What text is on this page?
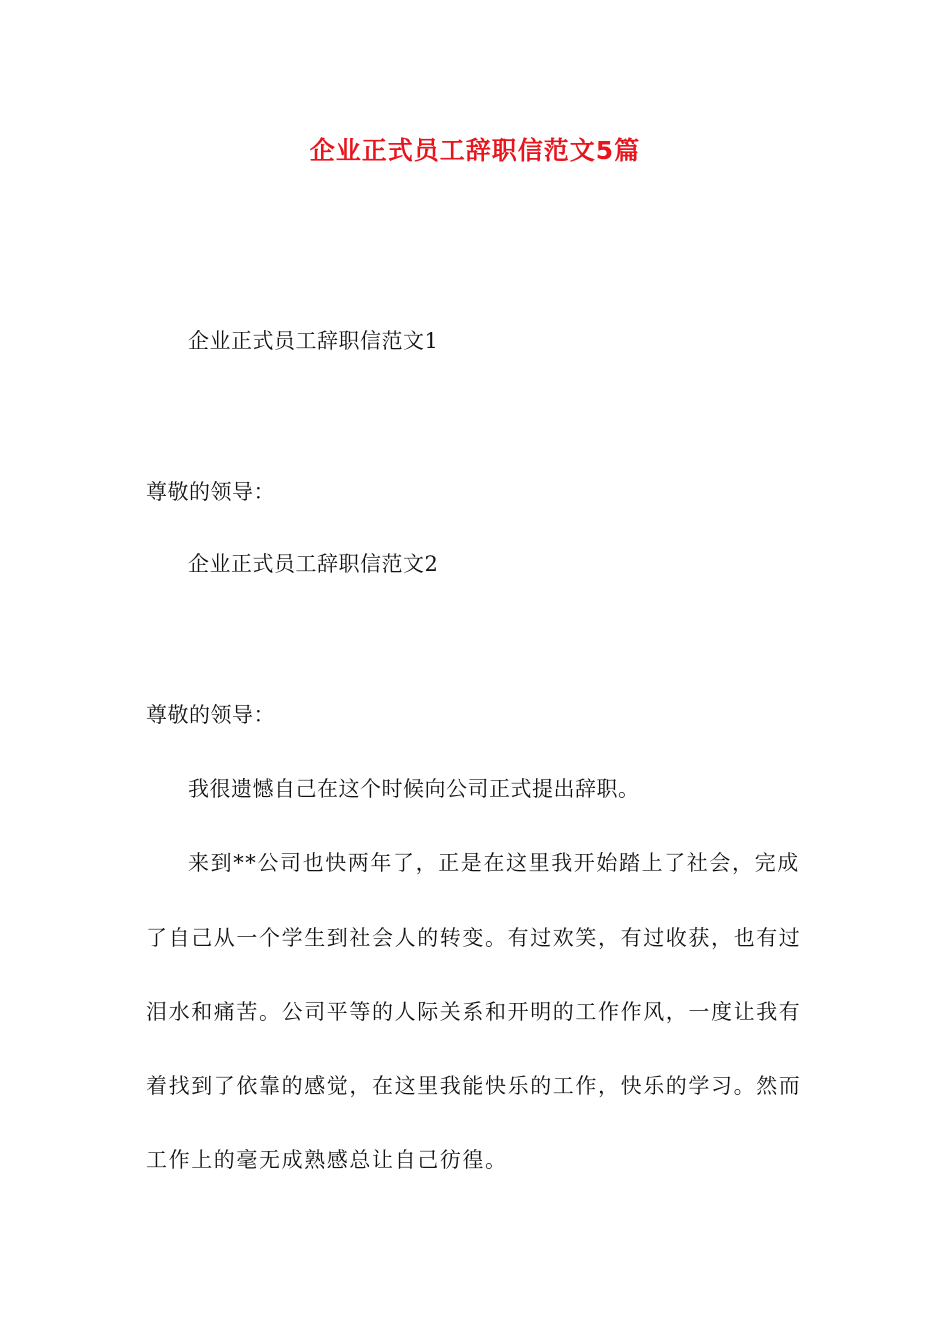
企业正式员工辞职信范文5篇
企业正式员工辞职信范文1
尊敬的领导：
企业正式员工辞职信范文2
尊敬的领导：
我很遗憾自己在这个时候向公司正式提出辞职。
来到**公司也快两年了，正是在这里我开始踏上了社会，完成
了自己从一个学生到社会人的转变。有过欢笑，有过收获，也有过
泪水和痛苦。公司平等的人际关系和开明的工作作风，一度让我有
着找到了依靠的感觉，在这里我能快乐的工作，快乐的学习。然而
工作上的毫无成熟感总让自己彷徨。
